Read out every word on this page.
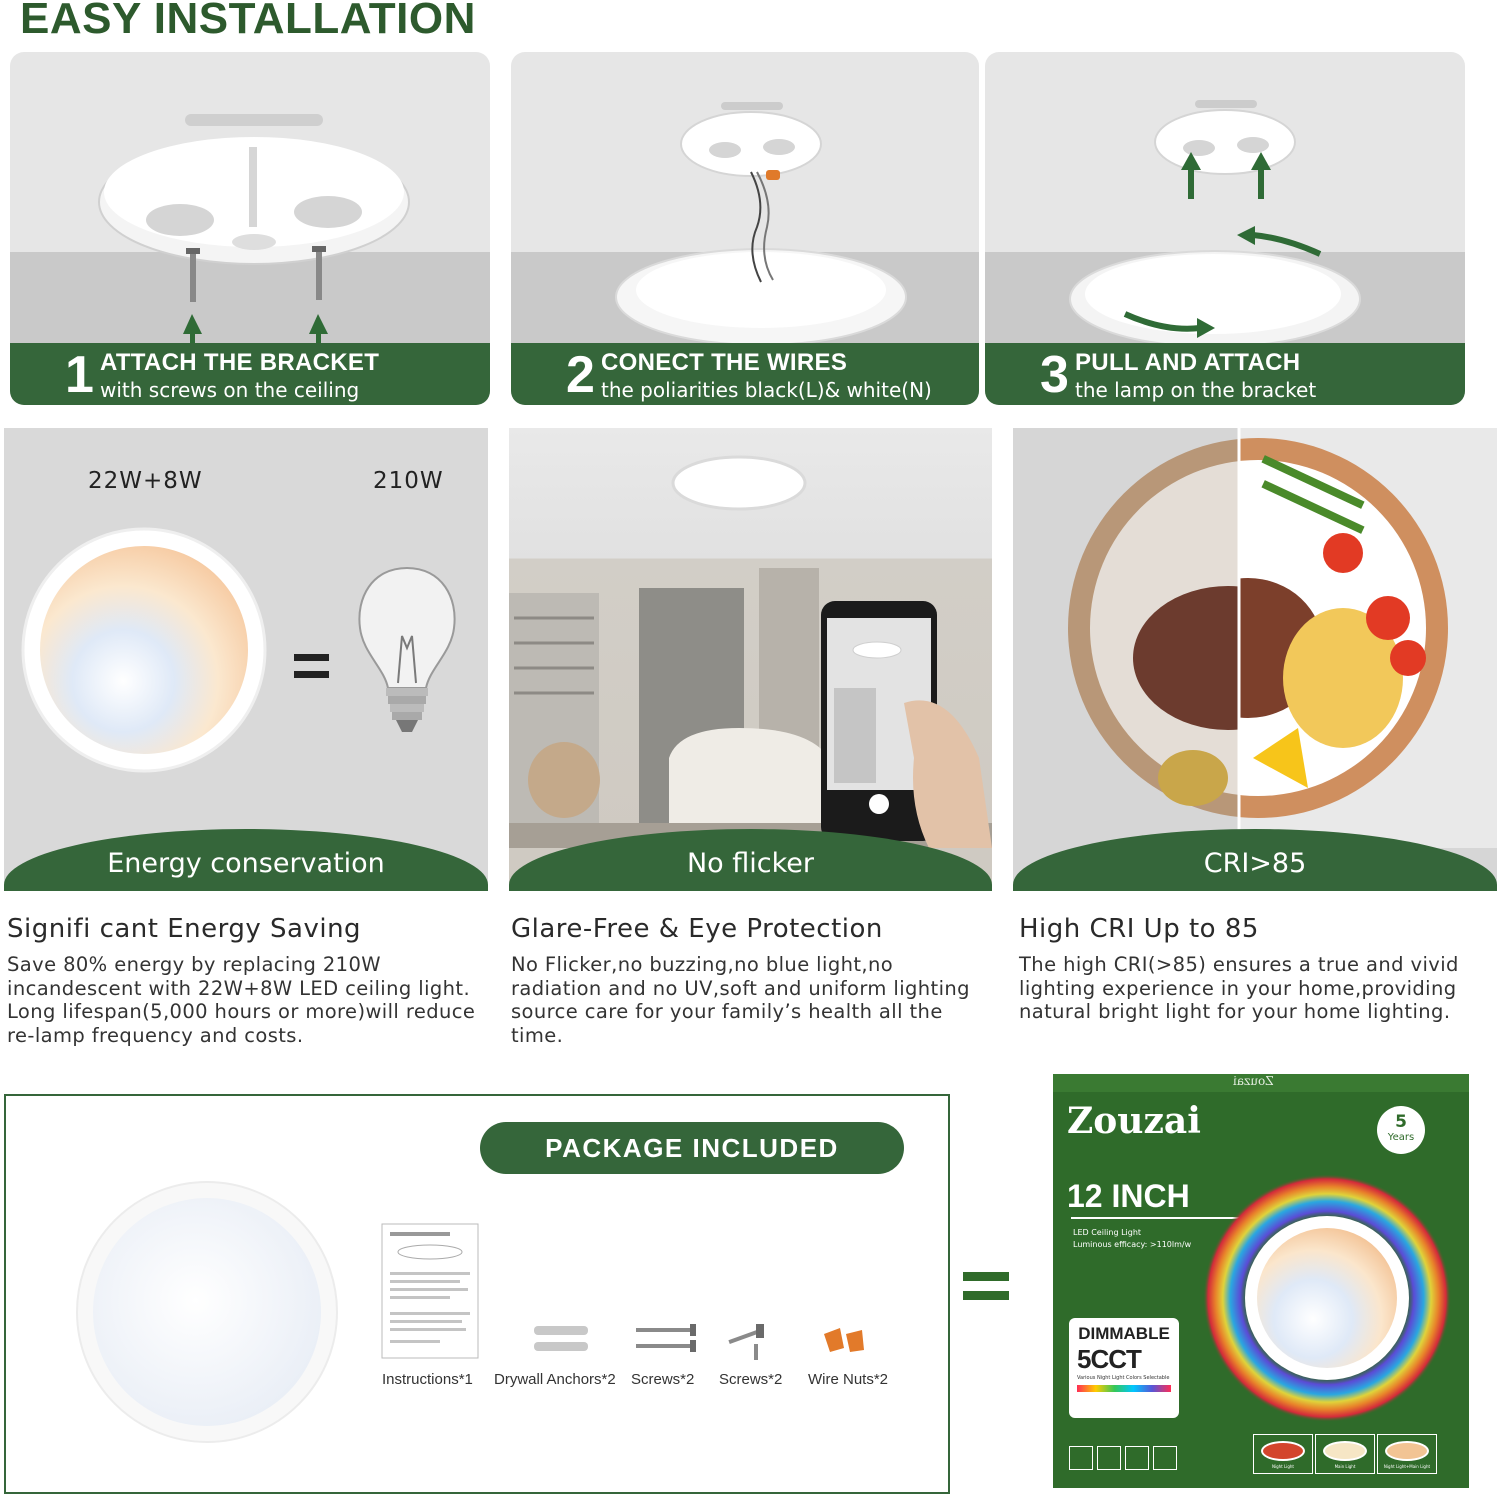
EASY INSTALLATION
1 ATTACH THE BRACKET
with screws on the ceiling	2 CONECT THE WIRES
the poliarities black(L)& white(N) 3 PULL AND ATTACH
the lamp on the bracket
22W+8W	210W
Energy conservation	No flicker	CRI>85
Signifi cant Energy Saving
Save 80% energy by replacing 210W
incandescent with 22W+8W LED ceiling light.
Long lifespan(5,000 hours or more)will reduce
re-lamp frequency and costs.
Glare-Free & Eye Protection
No Flicker,no buzzing,no blue light,no
radiation and no UV,soft and uniform lighting
source care for your family’s health all the time.
High CRI Up to 85
The high CRI(>85) ensures a true and vivid
lighting experience in your home,providing
natural bright light for your home lighting.
PACKAGE INCLUDED
Instructions*1 Drywall Anchors*2 Screws*2 Screws*2 Wire Nuts*2
Zouzai
Zouzai	5
Years
12 INCH
LED Ceiling Light
Luminous efficacy: >110lm/w
DIMMABLE
5CCT
Various Night Light Colors Selectable
Night Light	Main Light	Night Light+Main Light
